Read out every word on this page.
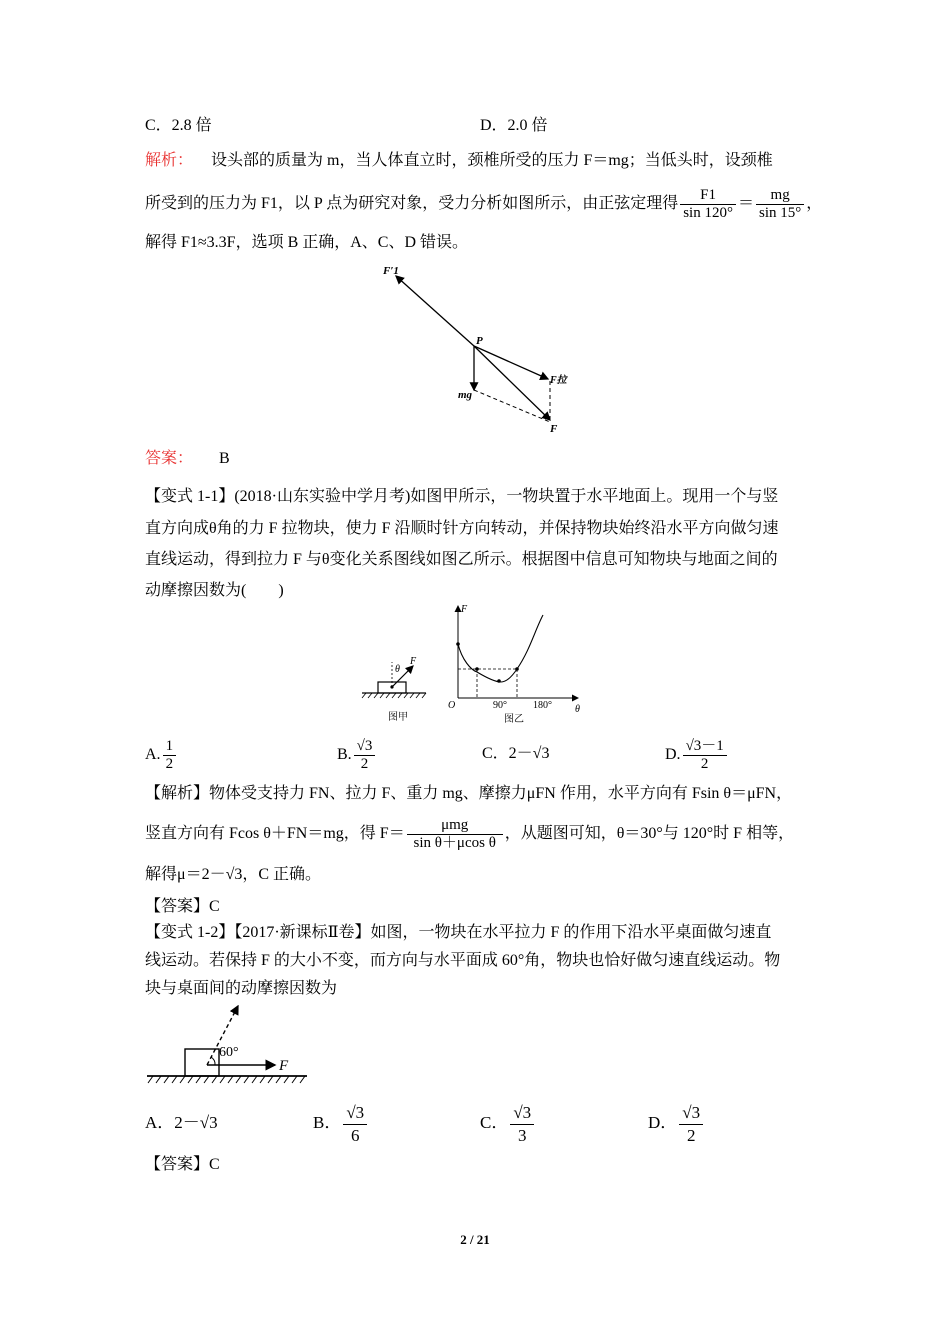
C．2.8 倍	D．2.0 倍
解析： 设头部的质量为 m，当人体直立时，颈椎所受的压力 F＝mg；当低头时，设颈椎
所受到的压力为 F1，以 P 点为研究对象，受力分析如图所示，由正弦定理得 $\frac{F1}{\sin 120^\circ} = \frac{mg}{\sin 15^\circ}$ ，
解得 F1≈3.3F，选项 B 正确，A、C、D 错误。
F′1
P
mg
F拉
F
答案： B
【变式 1-1】(2018·山东实验中学月考)如图甲所示，一物块置于水平地面上。现用一个与竖
直方向成θ角的力 F 拉物块，使力 F 沿顺时针方向转动，并保持物块始终沿水平方向做匀速
直线运动，得到拉力 F 与θ变化关系图线如图乙所示。根据图中信息可知物块与地面之间的
动摩擦因数为(　　)
θ
F
图甲
F
θ
O	90°	180°
图乙
A. $\frac{1}{2}$	B. $\frac{√3}{2}$	C．2－√3	D. $\frac{√3-1}{2}$
【解析】物体受支持力 FN、拉力 F、重力 mg、摩擦力μFN 作用，水平方向有 Fsin θ＝μFN，
竖直方向有 Fcos θ＋FN＝mg，得 $F= \frac{\text{μmg}}{\text{sin θ＋μcos θ}}$ ，从题图可知，θ＝30°与 120°时 F 相等，
解得μ＝2－√3，C 正确。
【答案】C
【变式 1-2】【2017·新课标Ⅱ卷】如图，一物块在水平拉力 F 的作用下沿水平桌面做匀速直
线运动。若保持 F 的大小不变，而方向与水平面成 60°角，物块也恰好做匀速直线运动。物
块与桌面间的动摩擦因数为
60°
F
A．2－√3	B． $\frac{√3}{6}$	C． $\frac{√3}{3}$	D． $\frac{√3}{2}$
【答案】C
2 / 21
